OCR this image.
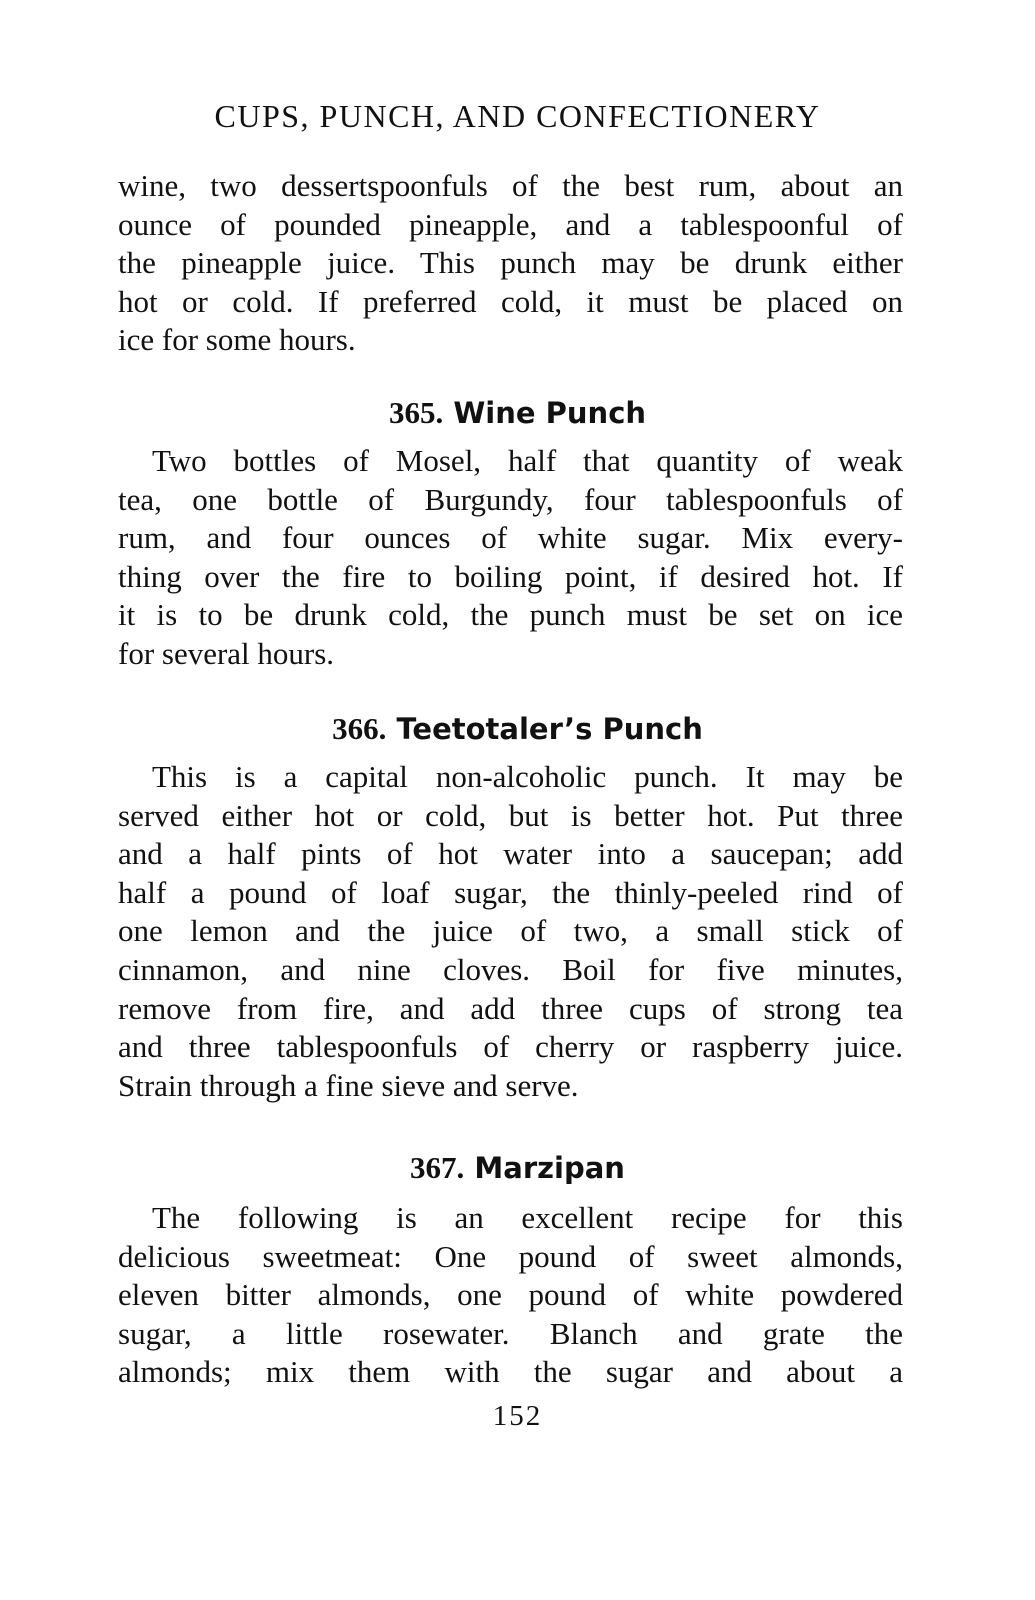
CUPS, PUNCH, AND CONFECTIONERY
wine, two dessertspoonfuls of the best rum, about an
ounce of pounded pineapple, and a tablespoonful of
the pineapple juice. This punch may be drunk either
hot or cold. If preferred cold, it must be placed on
ice for some hours.
365. Wine Punch
Two bottles of Mosel, half that quantity of weak
tea, one bottle of Burgundy, four tablespoonfuls of
rum, and four ounces of white sugar. Mix every-
thing over the fire to boiling point, if desired hot. If
it is to be drunk cold, the punch must be set on ice
for several hours.
366. Teetotaler’s Punch
This is a capital non-alcoholic punch. It may be
served either hot or cold, but is better hot. Put three
and a half pints of hot water into a saucepan; add
half a pound of loaf sugar, the thinly-peeled rind of
one lemon and the juice of two, a small stick of
cinnamon, and nine cloves. Boil for five minutes,
remove from fire, and add three cups of strong tea
and three tablespoonfuls of cherry or raspberry juice.
Strain through a fine sieve and serve.
367. Marzipan
The following is an excellent recipe for this
delicious sweetmeat: One pound of sweet almonds,
eleven bitter almonds, one pound of white powdered
sugar, a little rosewater. Blanch and grate the
almonds; mix them with the sugar and about a
152
